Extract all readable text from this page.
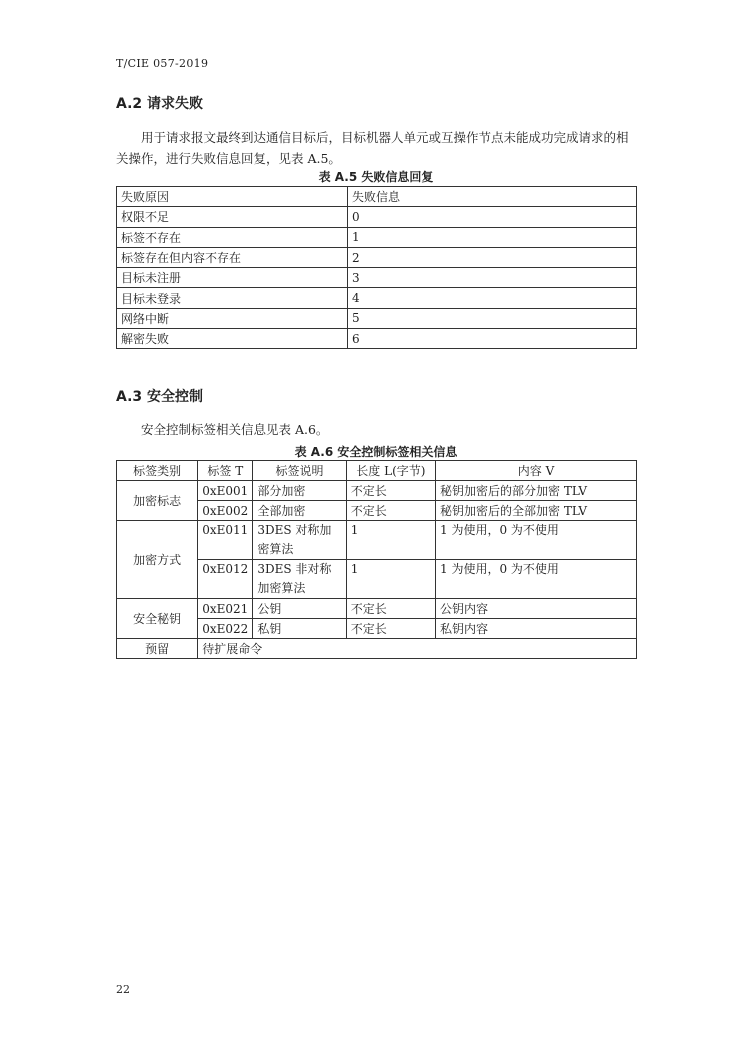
T/CIE 057-2019
A.2 请求失败

用于请求报文最终到达通信目标后，目标机器人单元或互操作节点未能成功完成请求的相关操作，进行失败信息回复，见表 A.5。

表 A.5 失败信息回复
失败原因	失败信息
权限不足	0
标签不存在	1
标签存在但内容不存在	2
目标未注册	3
目标未登录	4
网络中断	5
解密失败	6
A.3 安全控制

安全控制标签相关信息见表 A.6。

表 A.6 安全控制标签相关信息
标签类别	标签 T	标签说明	长度 L(字节)	内容 V
加密标志	0xE001	部分加密	不定长	秘钥加密后的部分加密 TLV
	0xE002	全部加密	不定长	秘钥加密后的全部加密 TLV
加密方式	0xE011	3DES 对称加密算法	1	1 为使用，0 为不使用
	0xE012	3DES 非对称加密算法	1	1 为使用，0 为不使用
安全秘钥	0xE021	公钥	不定长	公钥内容
	0xE022	私钥	不定长	私钥内容
预留	待扩展命令			
22
